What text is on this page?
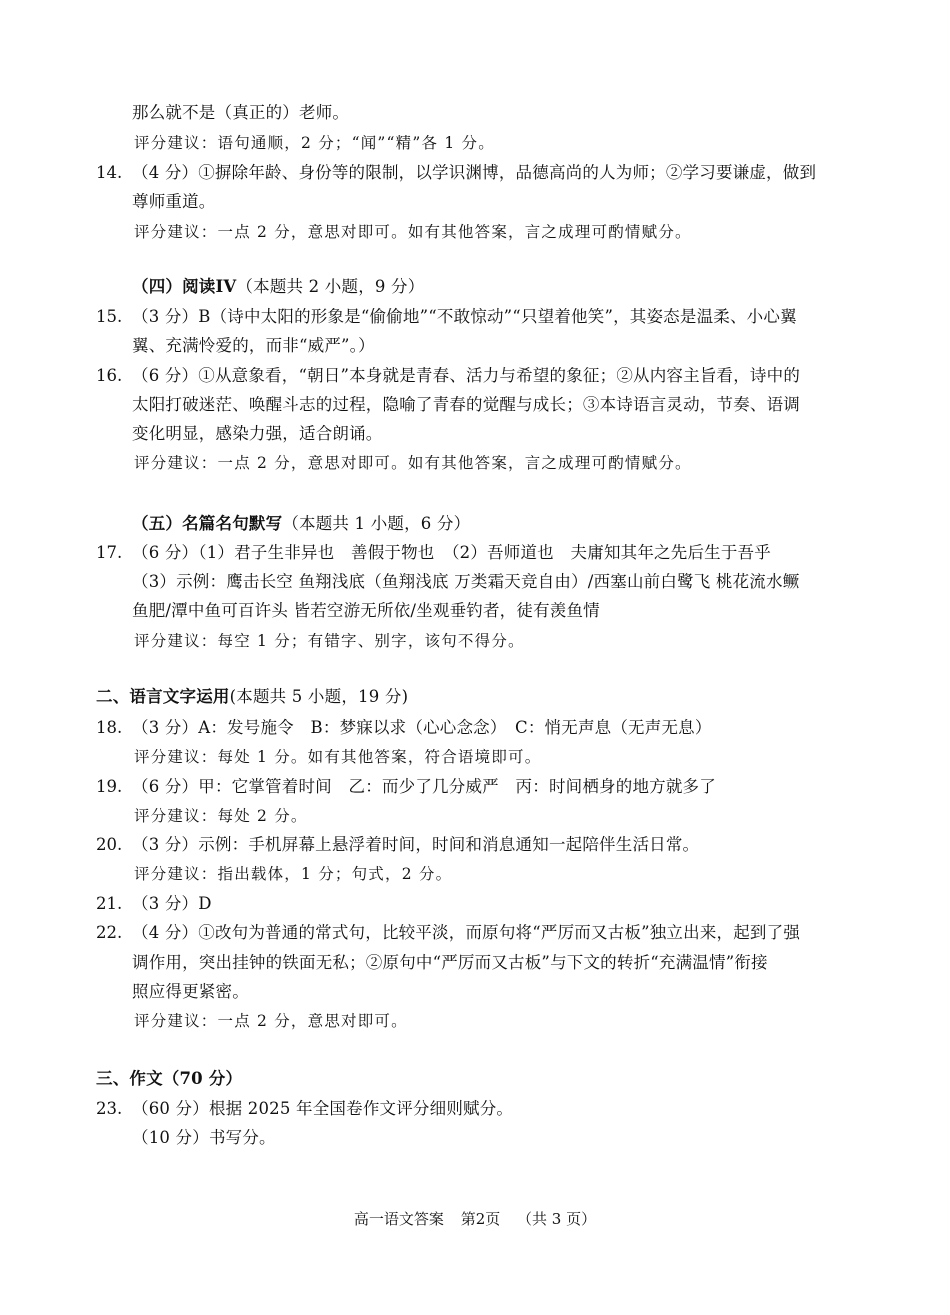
那么就不是（真正的）老师。
评分建议：语句通顺，2 分；“闻”“精”各 1 分。
14. （4 分）①摒除年龄、身份等的限制，以学识渊博，品德高尚的人为师；②学习要谦虚，做到
尊师重道。
评分建议：一点 2 分，意思对即可。如有其他答案，言之成理可酌情赋分。
（四）阅读IV（本题共 2 小题，9 分）
15. （3 分）B（诗中太阳的形象是“偷偷地”“不敢惊动”“只望着他笑”，其姿态是温柔、小心翼
翼、充满怜爱的，而非“威严”。）
16. （6 分）①从意象看，“朝日”本身就是青春、活力与希望的象征；②从内容主旨看，诗中的
太阳打破迷茫、唤醒斗志的过程，隐喻了青春的觉醒与成长；③本诗语言灵动，节奏、语调
变化明显，感染力强，适合朗诵。
评分建议：一点 2 分，意思对即可。如有其他答案，言之成理可酌情赋分。
（五）名篇名句默写（本题共 1 小题，6 分）
17. （6 分）（1）君子生非异也　善假于物也　（2）吾师道也　夫庸知其年之先后生于吾乎
（3）示例：鹰击长空 鱼翔浅底（鱼翔浅底 万类霜天竞自由）/西塞山前白鹭飞 桃花流水鳜
鱼肥/潭中鱼可百许头 皆若空游无所依/坐观垂钓者，徒有羡鱼情
评分建议：每空 1 分；有错字、别字，该句不得分。
二、语言文字运用(本题共 5 小题，19 分)
18. （3 分）A：发号施令　B：梦寐以求（心心念念）　C：悄无声息（无声无息）
评分建议：每处 1 分。如有其他答案，符合语境即可。
19. （6 分）甲：它掌管着时间　乙：而少了几分威严　丙：时间栖身的地方就多了
评分建议：每处 2 分。
20. （3 分）示例：手机屏幕上悬浮着时间，时间和消息通知一起陪伴生活日常。
评分建议：指出载体，1 分；句式，2 分。
21. （3 分）D
22. （4 分）①改句为普通的常式句，比较平淡，而原句将“严厉而又古板”独立出来，起到了强
调作用，突出挂钟的铁面无私；②原句中“严厉而又古板”与下文的转折“充满温情”衔接
照应得更紧密。
评分建议：一点 2 分，意思对即可。
三、作文（70 分）
23. （60 分）根据 2025 年全国卷作文评分细则赋分。
（10 分）书写分。
高一语文答案 第2页 （共 3 页）
